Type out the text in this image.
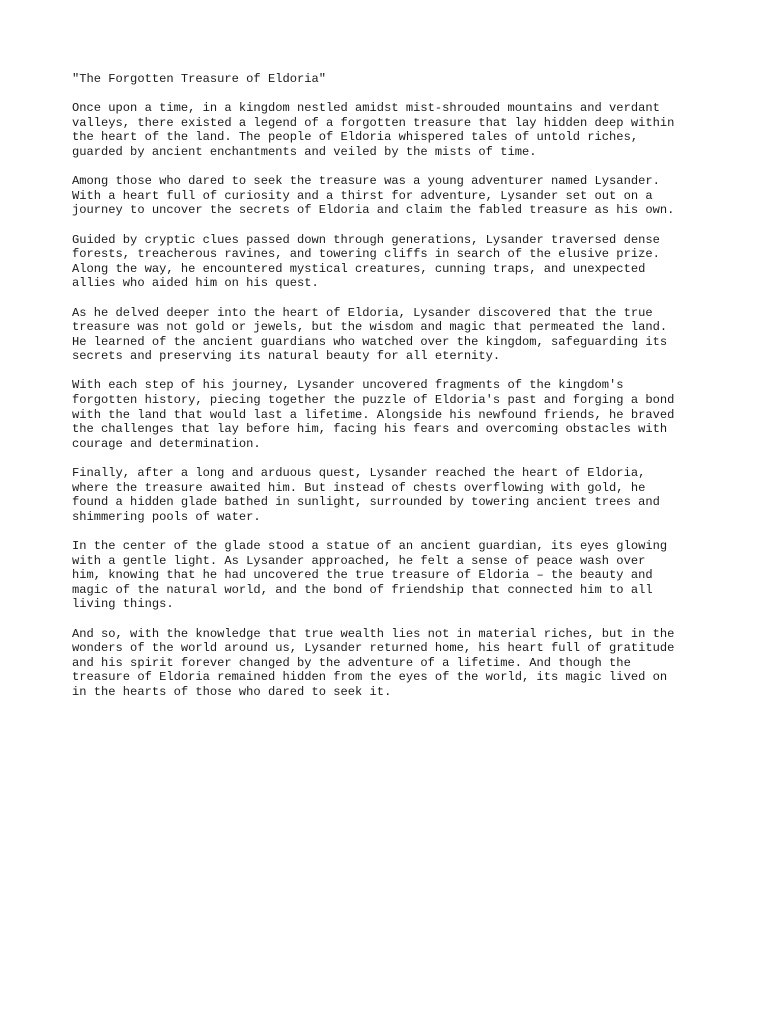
"The Forgotten Treasure of Eldoria"
Once upon a time, in a kingdom nestled amidst mist-shrouded mountains and verdant
valleys, there existed a legend of a forgotten treasure that lay hidden deep within
the heart of the land. The people of Eldoria whispered tales of untold riches,
guarded by ancient enchantments and veiled by the mists of time.
Among those who dared to seek the treasure was a young adventurer named Lysander.
With a heart full of curiosity and a thirst for adventure, Lysander set out on a
journey to uncover the secrets of Eldoria and claim the fabled treasure as his own.
Guided by cryptic clues passed down through generations, Lysander traversed dense
forests, treacherous ravines, and towering cliffs in search of the elusive prize.
Along the way, he encountered mystical creatures, cunning traps, and unexpected
allies who aided him on his quest.
As he delved deeper into the heart of Eldoria, Lysander discovered that the true
treasure was not gold or jewels, but the wisdom and magic that permeated the land.
He learned of the ancient guardians who watched over the kingdom, safeguarding its
secrets and preserving its natural beauty for all eternity.
With each step of his journey, Lysander uncovered fragments of the kingdom's
forgotten history, piecing together the puzzle of Eldoria's past and forging a bond
with the land that would last a lifetime. Alongside his newfound friends, he braved
the challenges that lay before him, facing his fears and overcoming obstacles with
courage and determination.
Finally, after a long and arduous quest, Lysander reached the heart of Eldoria,
where the treasure awaited him. But instead of chests overflowing with gold, he
found a hidden glade bathed in sunlight, surrounded by towering ancient trees and
shimmering pools of water.
In the center of the glade stood a statue of an ancient guardian, its eyes glowing
with a gentle light. As Lysander approached, he felt a sense of peace wash over
him, knowing that he had uncovered the true treasure of Eldoria – the beauty and
magic of the natural world, and the bond of friendship that connected him to all
living things.
And so, with the knowledge that true wealth lies not in material riches, but in the
wonders of the world around us, Lysander returned home, his heart full of gratitude
and his spirit forever changed by the adventure of a lifetime. And though the
treasure of Eldoria remained hidden from the eyes of the world, its magic lived on
in the hearts of those who dared to seek it.
